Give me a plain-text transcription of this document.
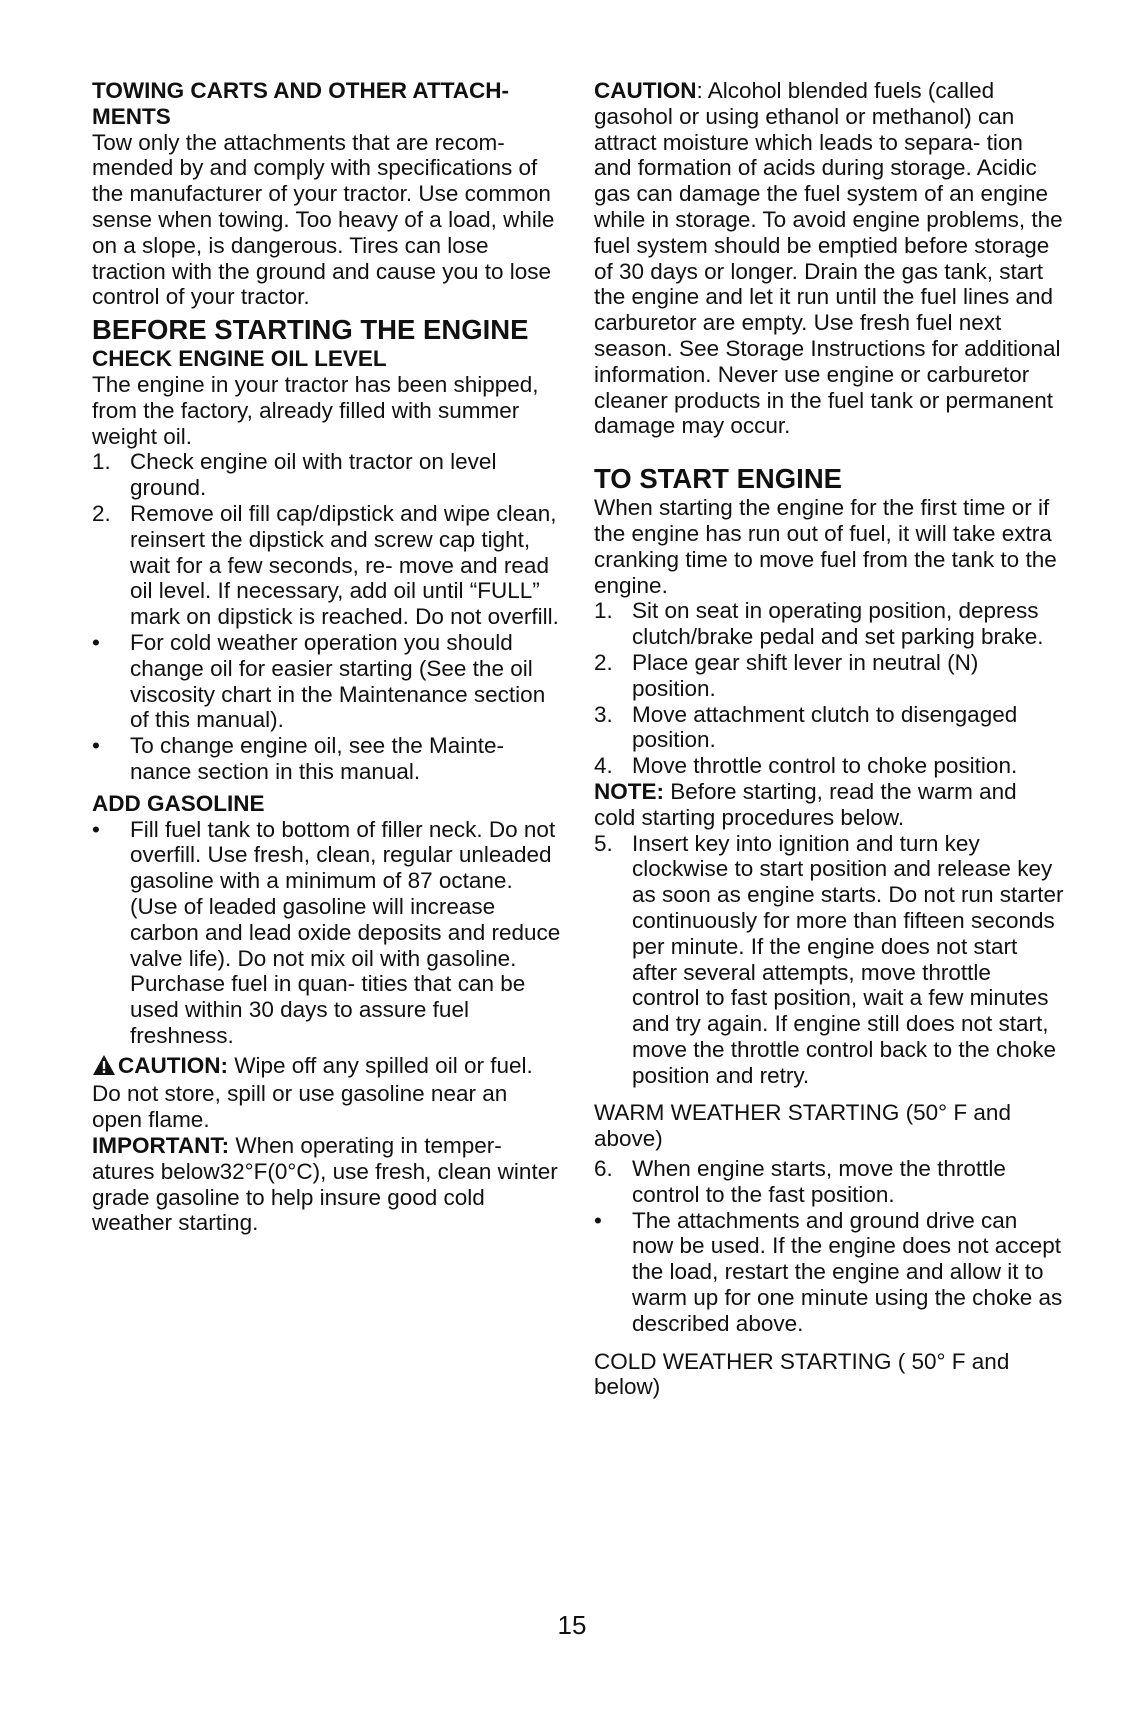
TOWING CARTS AND OTHER ATTACH-
MENTS

Tow only the attachments that are recom- mended by and comply with specifications of the manufacturer of your tractor. Use common sense when towing. Too heavy of a load, while on a slope, is dangerous. Tires can lose traction with the ground and cause you to lose control of your tractor.

BEFORE STARTING THE ENGINE
CHECK ENGINE OIL LEVEL

The engine in your tractor has been shipped, from the factory, already filled with summer weight oil.

1. Check engine oil with tractor on level ground.
2. Remove oil fill cap/dipstick and wipe clean, reinsert the dipstick and screw cap tight, wait for a few seconds, re- move and read oil level. If necessary, add oil until “FULL” mark on dipstick is reached. Do not overfill.
•	For cold weather operation you should change oil for easier starting (See the oil viscosity chart in the Maintenance section of this manual).
•	To change engine oil, see the Mainte- nance section in this manual.
ADD GASOLINE
•	Fill fuel tank to bottom of filler neck. Do not overfill. Use fresh, clean, regular unleaded gasoline with a minimum of 87 octane. (Use of leaded gasoline will increase carbon and lead oxide deposits and reduce valve life). Do not mix oil with gasoline. Purchase fuel in quan- tities that can be used within 30 days to assure fuel freshness.

CAUTION: Wipe off any spilled oil or fuel. Do not store, spill or use gasoline near an open flame.

IMPORTANT: When operating in temper- atures below32°F(0°C), use fresh, clean winter grade gasoline to help insure good cold weather starting.

CAUTION: Alcohol blended fuels (called gasohol or using ethanol or methanol) can attract moisture which leads to separa- tion and formation of acids during storage. Acidic gas can damage the fuel system of an engine while in storage. To avoid engine problems, the fuel system should be emptied before storage of 30 days or longer. Drain the gas tank, start the engine and let it run until the fuel lines and carburetor are empty. Use fresh fuel next season. See Storage Instructions for additional information. Never use engine or carburetor cleaner products in the fuel tank or permanent damage may occur.

TO START ENGINE

When starting the engine for the first time or if the engine has run out of fuel, it will take extra cranking time to move fuel from the tank to the engine.

1. Sit on seat in operating position, depress clutch/brake pedal and set parking brake.
2. Place gear shift lever in neutral (N) position.
3. Move attachment clutch to disengaged position.
4. Move throttle control to choke position.

NOTE: Before starting, read the warm and cold starting procedures below.

5. Insert key into ignition and turn key clockwise to start position and release key as soon as engine starts. Do not run starter continuously for more than fifteen seconds per minute. If the engine does not start after several attempts, move throttle control to fast position, wait a few minutes and try again. If engine still does not start, move the throttle control back to the choke position and retry.

WARM WEATHER STARTING (50° F and above)

6. When engine starts, move the throttle control to the fast position.
•	The attachments and ground drive can now be used. If the engine does not accept the load, restart the engine and allow it to warm up for one minute using the choke as described above.

COLD WEATHER STARTING ( 50° F and below)

15
